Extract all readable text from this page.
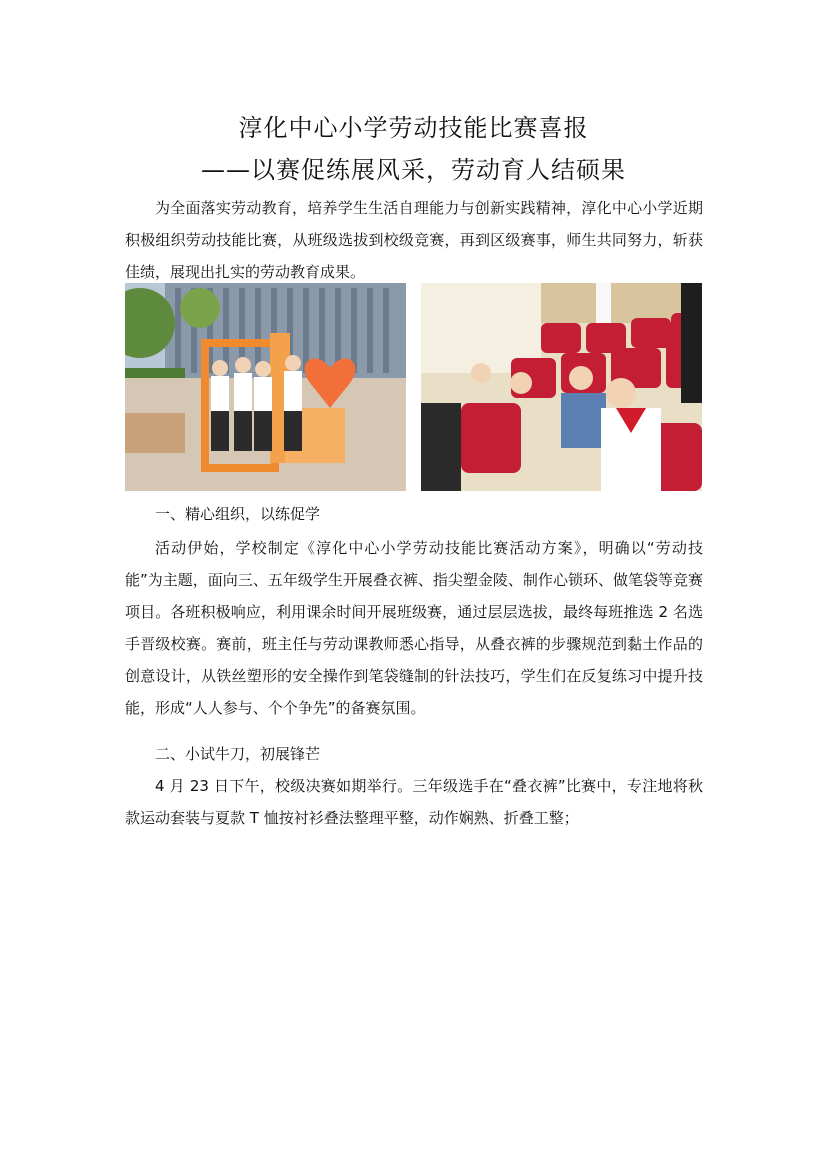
淳化中心小学劳动技能比赛喜报
——以赛促练展风采，劳动育人结硕果

为全面落实劳动教育，培养学生生活自理能力与创新实践精神，淳化中心小学近期积极组织劳动技能比赛，从班级选拔到校级竞赛，再到区级赛事，师生共同努力，斩获佳绩，展现出扎实的劳动教育成果。

一、精心组织，以练促学

活动伊始，学校制定《淳化中心小学劳动技能比赛活动方案》，明确以“劳动技能”为主题，面向三、五年级学生开展叠衣裤、指尖塑金陵、制作心锁环、做笔袋等竞赛项目。各班积极响应，利用课余时间开展班级赛，通过层层选拔，最终每班推选 2 名选手晋级校赛。赛前，班主任与劳动课教师悉心指导，从叠衣裤的步骤规范到黏土作品的创意设计，从铁丝塑形的安全操作到笔袋缝制的针法技巧，学生们在反复练习中提升技能，形成“人人参与、个个争先”的备赛氛围。

二、小试牛刀，初展锋芒

4 月 23 日下午，校级决赛如期举行。三年级选手在“叠衣裤”比赛中，专注地将秋款运动套装与夏款 T 恤按衬衫叠法整理平整，动作娴熟、折叠工整；
